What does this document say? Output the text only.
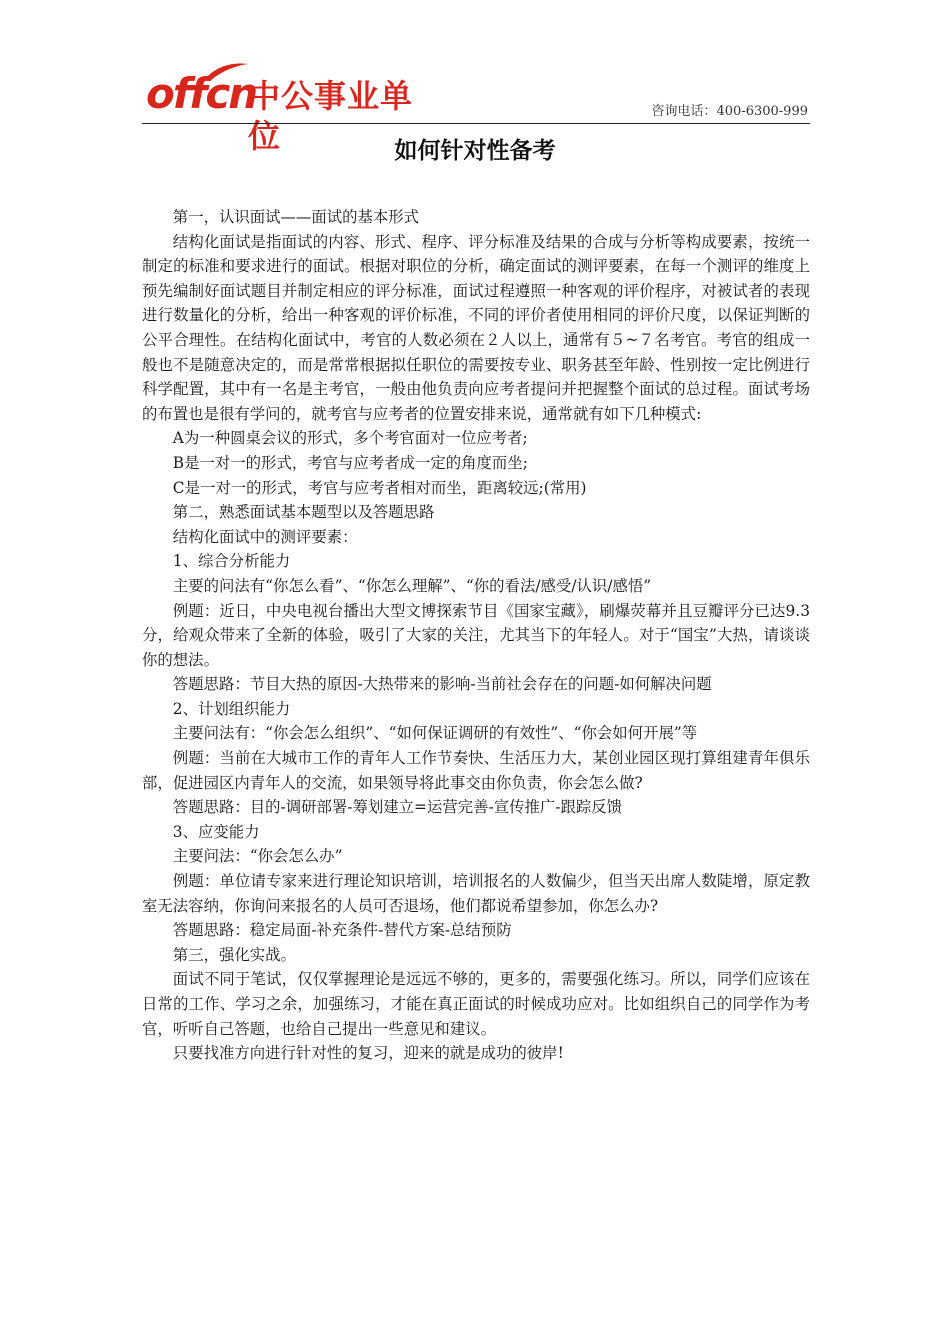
offcn
中公事业单位
咨询电话：400-6300-999
如何针对性备考

第一，认识面试——面试的基本形式

结构化面试是指面试的内容、形式、程序、评分标准及结果的合成与分析等构成要素，按统一制定的标准和要求进行的面试。根据对职位的分析，确定面试的测评要素，在每一个测评的维度上预先编制好面试题目并制定相应的评分标准，面试过程遵照一种客观的评价程序，对被试者的表现进行数量化的分析，给出一种客观的评价标准，不同的评价者使用相同的评价尺度，以保证判断的公平合理性。在结构化面试中，考官的人数必须在２人以上，通常有５~７名考官。考官的组成一般也不是随意决定的，而是常常根据拟任职位的需要按专业、职务甚至年龄、性别按一定比例进行科学配置，其中有一名是主考官，一般由他负责向应考者提问并把握整个面试的总过程。面试考场的布置也是很有学问的，就考官与应考者的位置安排来说，通常就有如下几种模式:

A为一种圆桌会议的形式，多个考官面对一位应考者;

B是一对一的形式，考官与应考者成一定的角度而坐;

C是一对一的形式，考官与应考者相对而坐，距离较远;(常用)

第二，熟悉面试基本题型以及答题思路

结构化面试中的测评要素：

1、综合分析能力

主要的问法有“你怎么看”、“你怎么理解”、“你的看法/感受/认识/感悟”

例题：近日，中央电视台播出大型文博探索节目《国家宝藏》，刷爆荧幕并且豆瓣评分已达9.3分，给观众带来了全新的体验，吸引了大家的关注，尤其当下的年轻人。对于“国宝”大热，请谈谈你的想法。

答题思路：节目大热的原因-大热带来的影响-当前社会存在的问题-如何解决问题

2、计划组织能力

主要问法有：“你会怎么组织”、“如何保证调研的有效性”、“你会如何开展”等

例题：当前在大城市工作的青年人工作节奏快、生活压力大，某创业园区现打算组建青年俱乐部，促进园区内青年人的交流，如果领导将此事交由你负责，你会怎么做?

答题思路：目的-调研部署-筹划建立=运营完善-宣传推广-跟踪反馈

3、应变能力

主要问法：“你会怎么办”

例题：单位请专家来进行理论知识培训，培训报名的人数偏少，但当天出席人数陡增，原定教室无法容纳，你询问来报名的人员可否退场，他们都说希望参加，你怎么办?

答题思路：稳定局面-补充条件-替代方案-总结预防

第三，强化实战。

面试不同于笔试，仅仅掌握理论是远远不够的，更多的，需要强化练习。所以，同学们应该在日常的工作、学习之余，加强练习，才能在真正面试的时候成功应对。比如组织自己的同学作为考官，听听自己答题，也给自己提出一些意见和建议。

只要找准方向进行针对性的复习，迎来的就是成功的彼岸!
